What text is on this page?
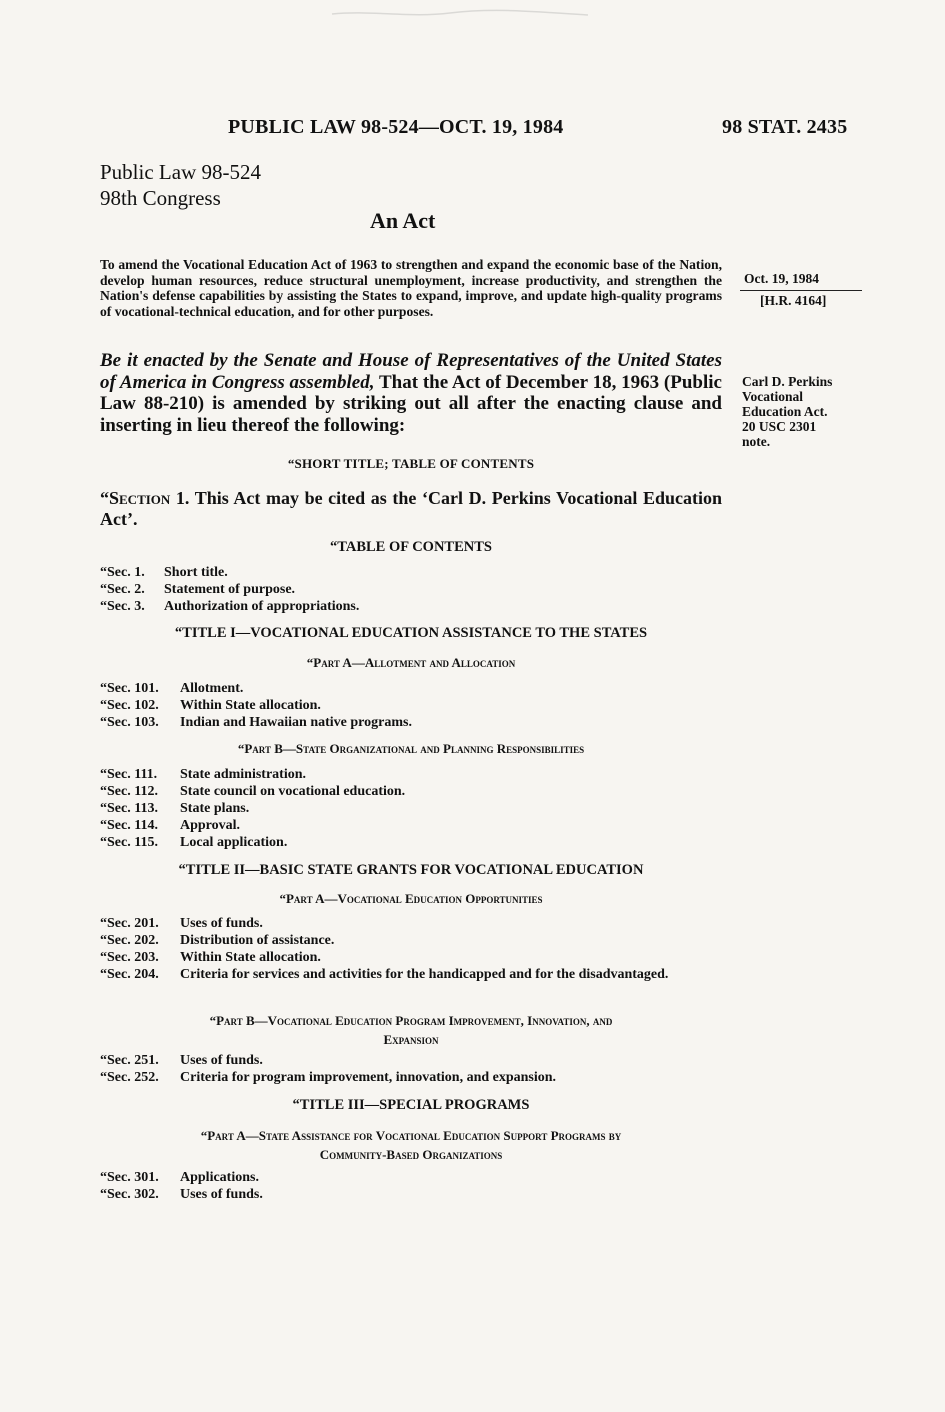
PUBLIC LAW 98-524—OCT. 19, 1984	98 STAT. 2435
Public Law 98-524
98th Congress
An Act

To amend the Vocational Education Act of 1963 to strengthen and expand the economic base of the Nation, develop human resources, reduce structural unemployment, increase productivity, and strengthen the Nation's defense capabilities by assisting the States to expand, improve, and update high-quality programs of vocational-technical education, and for other purposes.

Oct. 19, 1984
[H.R. 4164]

Be it enacted by the Senate and House of Representatives of the United States of America in Congress assembled, That the Act of December 18, 1963 (Public Law 88-210) is amended by striking out all after the enacting clause and inserting in lieu thereof the following:

Carl D. Perkins
Vocational
Education Act.
20 USC 2301
note.
“SHORT TITLE; TABLE OF CONTENTS

“Section 1. This Act may be cited as the ‘Carl D. Perkins Vocational Education Act’.

“TABLE OF CONTENTS
“Sec. 1.	Short title.
“Sec. 2.	Statement of purpose.
“Sec. 3.	Authorization of appropriations.
“TITLE I—VOCATIONAL EDUCATION ASSISTANCE TO THE STATES
“Part A—Allotment and Allocation
“Sec. 101.	Allotment.
“Sec. 102.	Within State allocation.
“Sec. 103.	Indian and Hawaiian native programs.
“Part B—State Organizational and Planning Responsibilities
“Sec. 111.	State administration.
“Sec. 112.	State council on vocational education.
“Sec. 113.	State plans.
“Sec. 114.	Approval.
“Sec. 115.	Local application.
“TITLE II—BASIC STATE GRANTS FOR VOCATIONAL EDUCATION
“Part A—Vocational Education Opportunities
“Sec. 201.	Uses of funds.
“Sec. 202.	Distribution of assistance.
“Sec. 203.	Within State allocation.
“Sec. 204.	Criteria for services and activities for the handicapped and for the disadvantaged.
“Part B—Vocational Education Program Improvement, Innovation, and
Expansion
“Sec. 251.	Uses of funds.
“Sec. 252.	Criteria for program improvement, innovation, and expansion.
“TITLE III—SPECIAL PROGRAMS
“Part A—State Assistance for Vocational Education Support Programs by
Community-Based Organizations
“Sec. 301.	Applications.
“Sec. 302.	Uses of funds.
